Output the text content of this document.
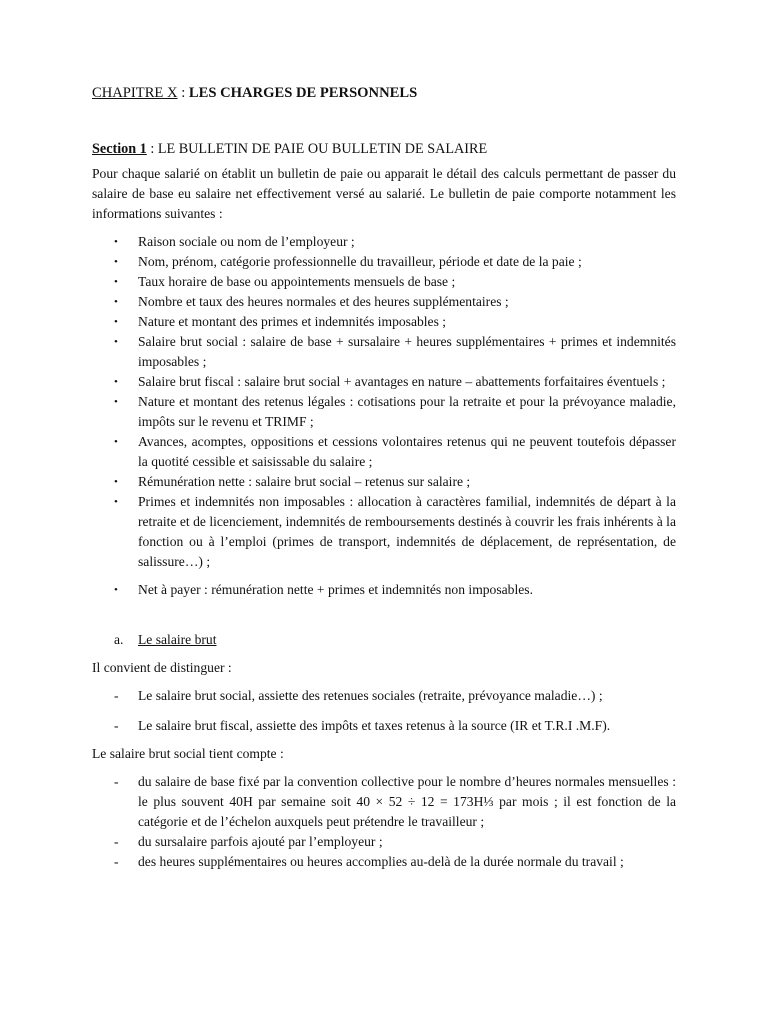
CHAPITRE X : LES CHARGES DE PERSONNELS
Section 1 : LE BULLETIN DE PAIE OU BULLETIN DE SALAIRE

Pour chaque salarié on établit un bulletin de paie ou apparait le détail des calculs permettant de passer du salaire de base eu salaire net effectivement versé au salarié. Le bulletin de paie comporte notamment les informations suivantes :

• Raison sociale ou nom de l’employeur ;
• Nom, prénom, catégorie professionnelle du travailleur, période et date de la paie ;
• Taux horaire de base ou appointements mensuels de base ;
• Nombre et taux des heures normales et des heures supplémentaires ;
• Nature et montant des primes et indemnités imposables ;
• Salaire brut social : salaire de base + sursalaire + heures supplémentaires + primes et indemnités imposables ;
• Salaire brut fiscal : salaire brut social + avantages en nature – abattements forfaitaires éventuels ;
• Nature et montant des retenus légales : cotisations pour la retraite et pour la prévoyance maladie, impôts sur le revenu et TRIMF ;
• Avances, acomptes, oppositions et cessions volontaires retenus qui ne peuvent toutefois dépasser la quotité cessible et saisissable du salaire ;
• Rémunération nette : salaire brut social – retenus sur salaire ;
• Primes et indemnités non imposables : allocation à caractères familial, indemnités de départ à la retraite et de licenciement, indemnités de remboursements destinés à couvrir les frais inhérents à la fonction ou à l’emploi (primes de transport, indemnités de déplacement, de représentation, de salissure…) ;
• Net à payer : rémunération nette + primes et indemnités non imposables.
a. Le salaire brut

Il convient de distinguer :

- Le salaire brut social, assiette des retenues sociales (retraite, prévoyance maladie…) ;
- Le salaire brut fiscal, assiette des impôts et taxes retenus à la source (IR et T.R.I .M.F).

Le salaire brut social tient compte :

- du salaire de base fixé par la convention collective pour le nombre d’heures normales mensuelles : le plus souvent 40H par semaine soit 40 × 52 ÷ 12 = 173H⅓ par mois ; il est fonction de la catégorie et de l’échelon auxquels peut prétendre le travailleur ;
- du sursalaire parfois ajouté par l’employeur ;
- des heures supplémentaires ou heures accomplies au-delà de la durée normale du travail ;
